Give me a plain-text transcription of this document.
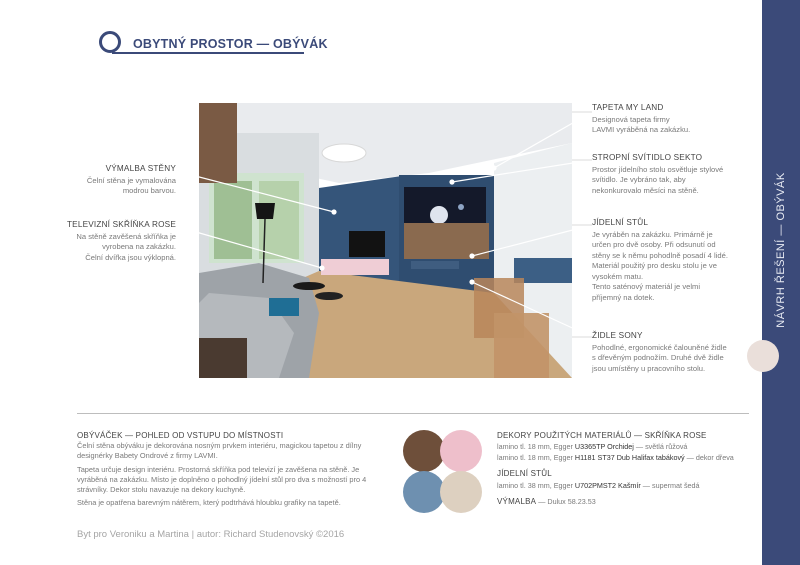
NÁVRH ŘEŠENÍ — OBÝVÁK
OBYTNÝ PROSTOR — OBÝVÁK
VÝMALBA STĚNY
Čelní stěna je vymalována
modrou barvou.
TELEVIZNÍ SKŘÍŇKA ROSE
Na stěně zavěšená skříňka je
vyrobena na zakázku.
Čelní dvířka jsou výklopná.
TAPETA MY LAND
Designová tapeta firmy
LAVMI vyráběná na zakázku.
STROPNÍ SVÍTIDLO SEKTO
Prostor jídelního stolu osvětluje stylové
svítidlo. Je vybráno tak, aby
nekonkurovalo měsíci na stěně.
JÍDELNÍ STŮL
Je vyráběn na zakázku. Primárně je
určen pro dvě osoby. Při odsunutí od
stěny se k němu pohodlně posadí 4 lidé.
Materiál použitý pro desku stolu je ve
vysokém matu.
Tento saténový materiál je velmi
příjemný na dotek.
ŽIDLE SONY
Pohodlné, ergonomické čalouněné židle
s dřevěným podnožím. Druhé dvě židle
jsou umístěny u pracovního stolu.
OBÝVÁČEK — POHLED OD VSTUPU DO MÍSTNOSTI

Čelní stěna obýváku je dekorována nosným prvkem interiéru, magickou tapetou z dílny designérky Babety Ondrové z firmy LAVMI.

Tapeta určuje design interiéru. Prostorná skříňka pod televizí je zavěšena na stěně. Je vyráběná na zakázku. Místo je doplněno o pohodlný jídelní stůl pro dva s možností pro 4 strávníky. Dekor stolu navazuje na dekory kuchyně.

Stěna je opatřena barevným nátěrem, který podtrhává hloubku grafiky na tapetě.

DEKORY POUŽITÝCH MATERIÁLŮ — SKŘÍŇKA ROSE
lamino tl. 18 mm, Egger U3365TP Orchidej — světlá růžová
lamino tl. 18 mm, Egger H1181 ST37 Dub Halifax tabákový — dekor dřeva
JÍDELNÍ STŮL
lamino tl. 38 mm, Egger U702PMST2 Kašmír — supermat šedá
VÝMALBA — Dulux 58.23.53
Byt pro Veroniku a Martina | autor: Richard Studenovský ©2016
